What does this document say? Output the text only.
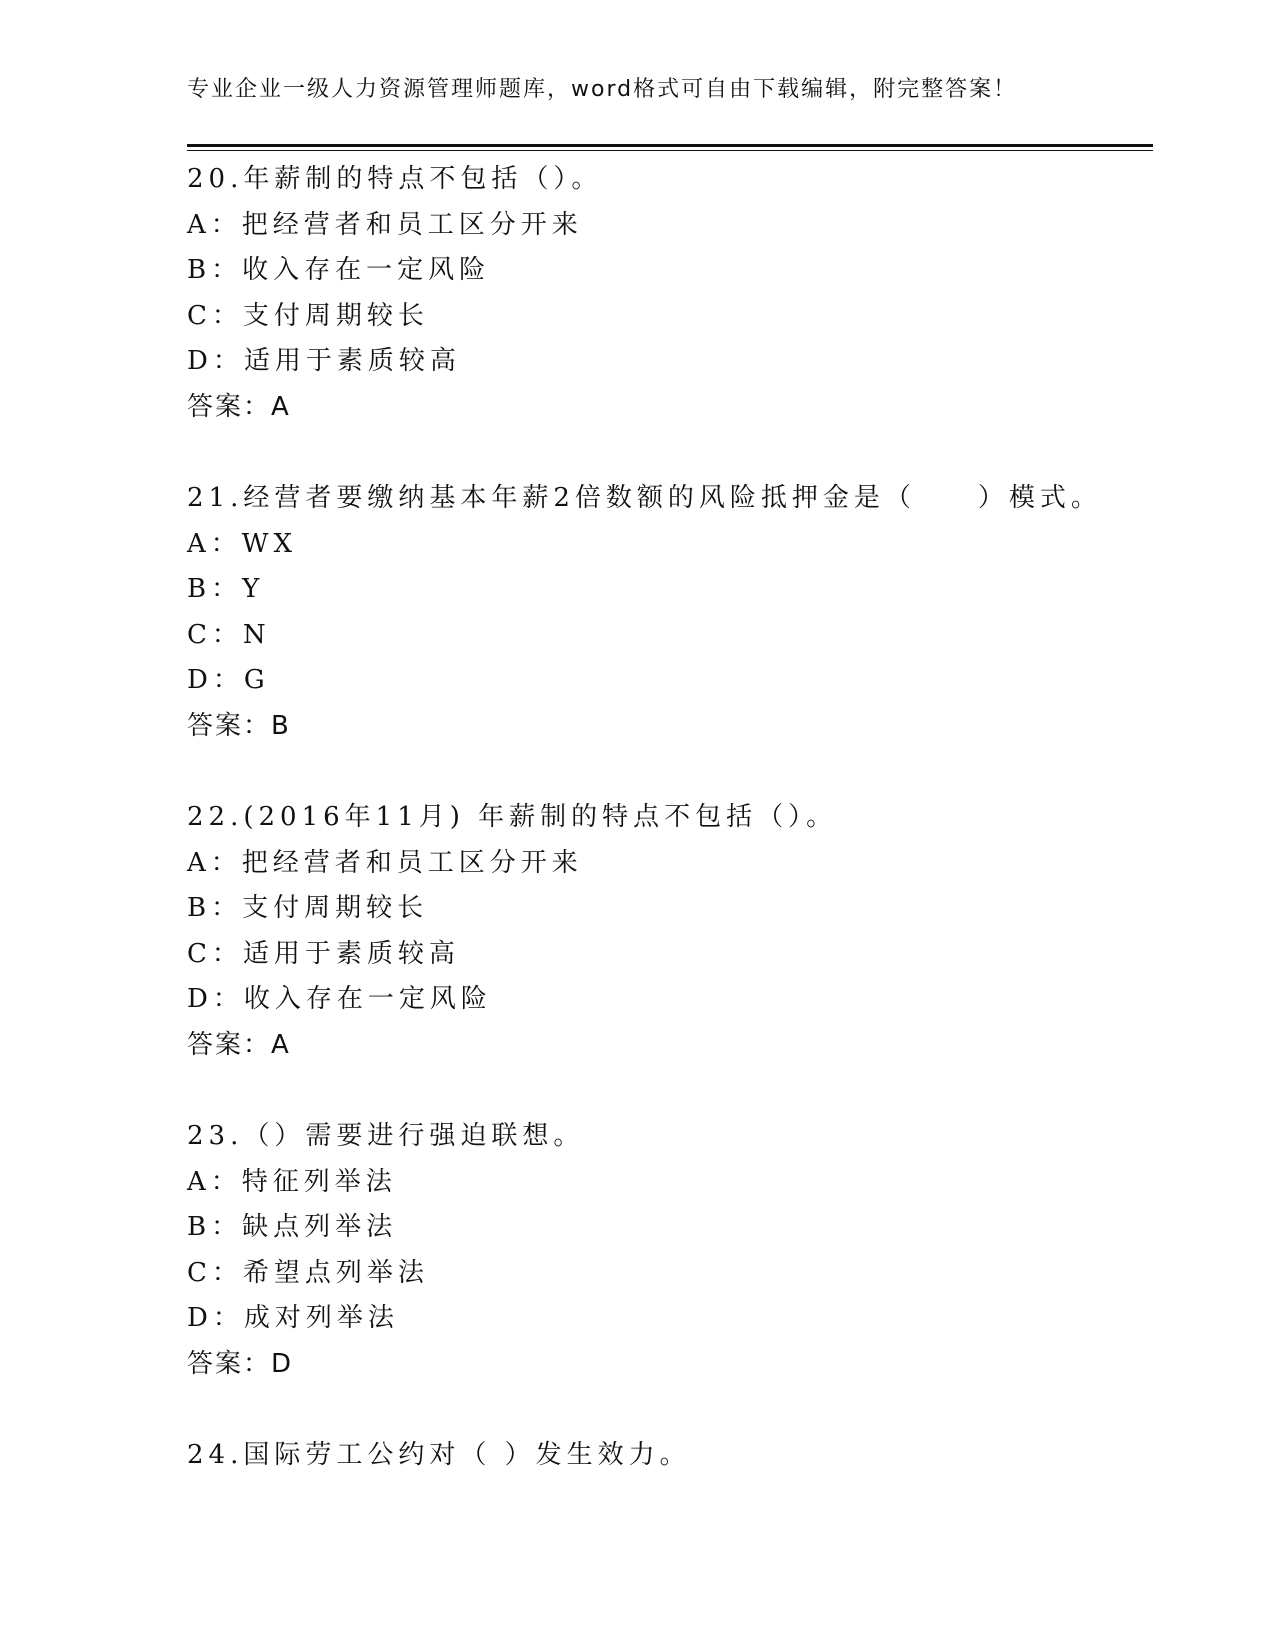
专业企业一级人力资源管理师题库，word格式可自由下载编辑，附完整答案！
20.年薪制的特点不包括（）。
A：把经营者和员工区分开来
B：收入存在一定风险
C：支付周期较长
D：适用于素质较高
答案：A
21.经营者要缴纳基本年薪2倍数额的风险抵押金是（　　）模式。
A：WX
B：Y
C：N
D：G
答案：B
22.(2016年11月) 年薪制的特点不包括（）。
A：把经营者和员工区分开来
B：支付周期较长
C：适用于素质较高
D：收入存在一定风险
答案：A
23.（）需要进行强迫联想。
A：特征列举法
B：缺点列举法
C：希望点列举法
D：成对列举法
答案：D
24.国际劳工公约对（ ）发生效力。
